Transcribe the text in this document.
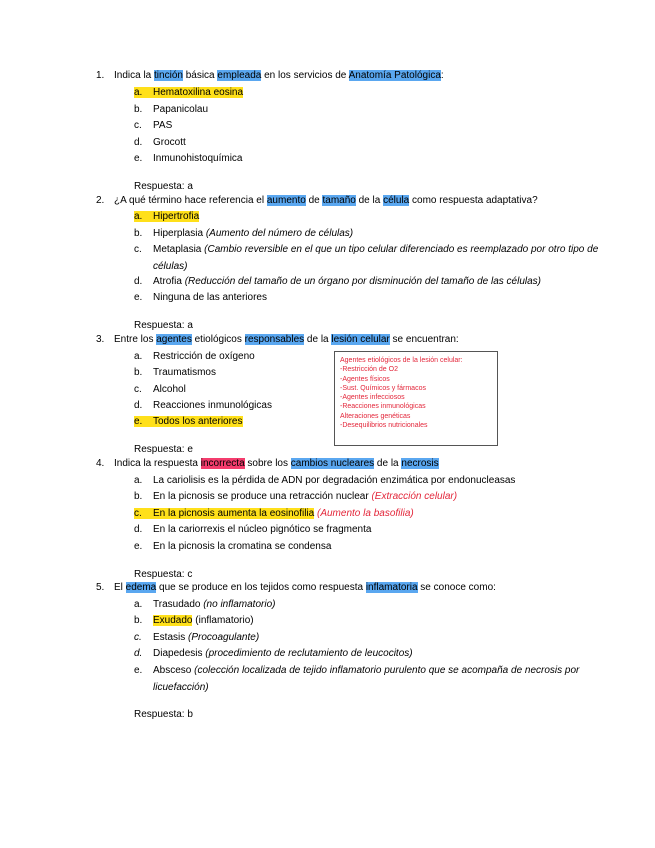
1. Indica la tinción básica empleada en los servicios de Anatomía Patológica:
a. Hematoxilina eosina
b. Papanicolau
c. PAS
d. Grocott
e. Inmunohistoquímica
Respuesta: a
2. ¿A qué término hace referencia el aumento de tamaño de la célula como respuesta adaptativa?
a. Hipertrofia
b. Hiperplasia (Aumento del número de células)
c. Metaplasia (Cambio reversible en el que un tipo celular diferenciado es reemplazado por otro tipo de
células)
d. Atrofia (Reducción del tamaño de un órgano por disminución del tamaño de las células)
e. Ninguna de las anteriores
Respuesta: a
3. Entre los agentes etiológicos responsables de la lesión celular se encuentran:
a. Restricción de oxígeno
b. Traumatismos
c. Alcohol
d. Reacciones inmunológicas
e. Todos los anteriores
Agentes etiológicos de la lesión celular:
-Restricción de O2
-Agentes físicos
-Sust. Químicos y fármacos
-Agentes infecciosos
-Reacciones inmunológicas
Alteraciones genéticas
-Desequilibrios nutricionales
Respuesta: e
4. Indica la respuesta incorrecta sobre los cambios nucleares de la necrosis
a. La cariolisis es la pérdida de ADN por degradación enzimática por endonucleasas
b. En la picnosis se produce una retracción nuclear (Extracción celular)
c. En la picnosis aumenta la eosinofilia (Aumento la basofilia)
d. En la cariorrexis el núcleo pignótico se fragmenta
e. En la picnosis la cromatina se condensa
Respuesta: c
5. El edema que se produce en los tejidos como respuesta inflamatoria se conoce como:
a. Trasudado (no inflamatorio)
b. Exudado (inflamatorio)
c. Estasis (Procoagulante)
d. Diapedesis (procedimiento de reclutamiento de leucocitos)
e. Absceso (colección localizada de tejido inflamatorio purulento que se acompaña de necrosis por
licuefacción)
Respuesta: b
